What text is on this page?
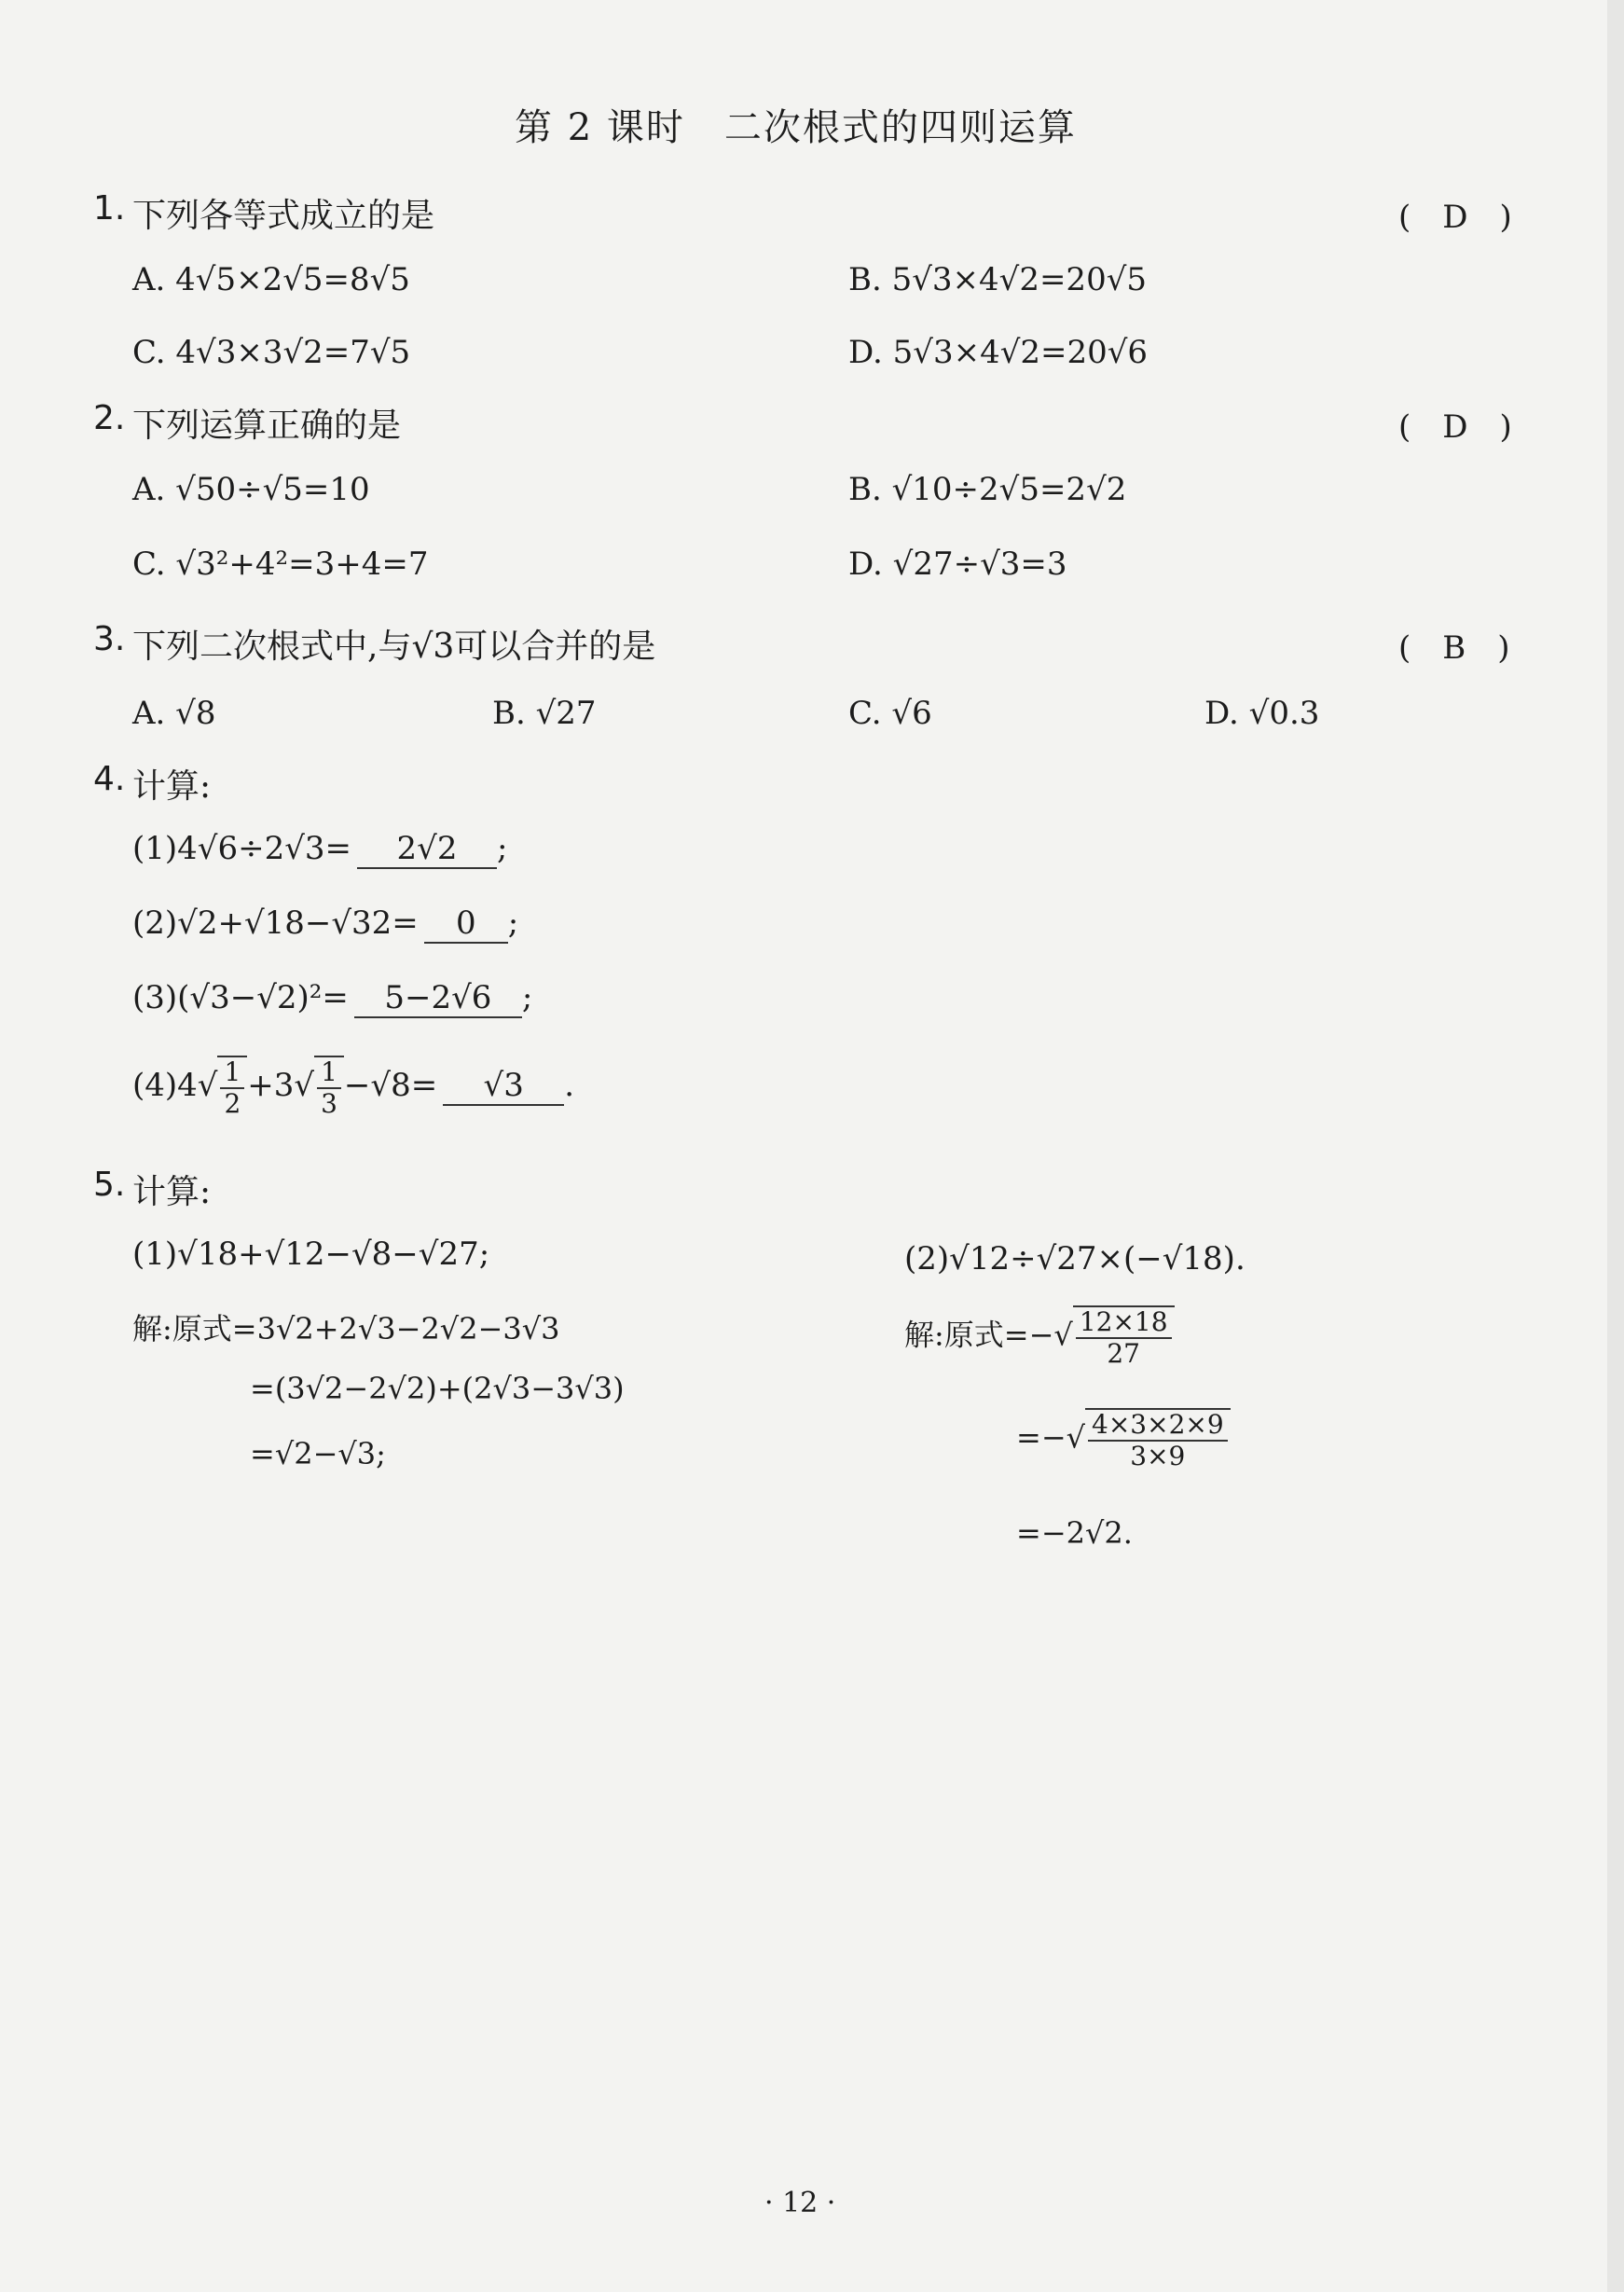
第 2 课时　二次根式的四则运算
1. 下列各等式成立的是	(　D　)
A. 4√5×2√5=8√5	B. 5√3×4√2=20√5
C. 4√3×3√2=7√5	D. 5√3×4√2=20√6
2. 下列运算正确的是	(　D　)
A. √50÷√5=10	B. √10÷2√5=2√2
C. √3²+4²=3+4=7	D. √27÷√3=3
3. 下列二次根式中,与√3可以合并的是	(　B　)
A. √8	B. √27	C. √6	D. √0.3
4. 计算:
(1)4√6÷2√3= 2√2 ;
(2)√2+√18−√32= 0 ;
(3)(√3−√2)²= 5−2√6 ;
$(4)4√ \frac{1}{2} +3√ \frac{1}{3} -√8= √3$ .
5. 计算:
(1)√18+√12−√8−√27;
解:原式=3√2+2√3−2√2−3√3
=(3√2−2√2)+(2√3−3√3)
=√2−√3;
(2)√12÷√27×(−√18).
解:原式=−√ $\frac{12\times 18}{27}$
=−√ $\frac{4\times 3\times 2\times 9}{3\times 9}$
=−2√2.
· 12 ·
